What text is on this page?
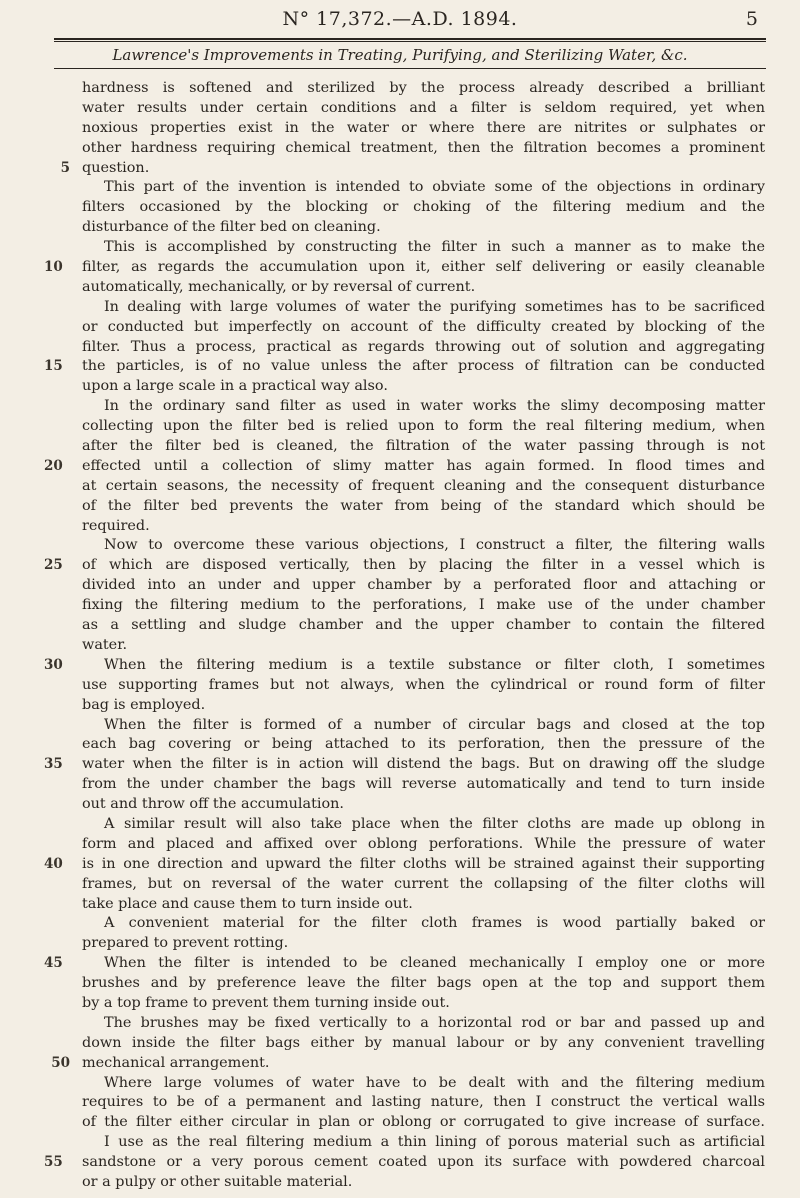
N° 17,372.—A.D. 1894.	5
Lawrence's Improvements in Treating, Purifying, and Sterilizing Water, &c.
hardness is softened and sterilized by the process already described a brilliant
water results under certain conditions and a filter is seldom required, yet when
noxious properties exist in the water or where there are nitrites or sulphates or
other hardness requiring chemical treatment, then the filtration becomes a prominent
question.
5
This part of the invention is intended to obviate some of the objections in ordinary
filters occasioned by the blocking or choking of the filtering medium and the
disturbance of the filter bed on cleaning.
This is accomplished by constructing the filter in such a manner as to make the
filter, as regards the accumulation upon it, either self delivering or easily cleanable
10
automatically, mechanically, or by reversal of current.
In dealing with large volumes of water the purifying sometimes has to be sacrificed
or conducted but imperfectly on account of the difficulty created by blocking of the
filter. Thus a process, practical as regards throwing out of solution and aggregating
the particles, is of no value unless the after process of filtration can be conducted
15
upon a large scale in a practical way also.
In the ordinary sand filter as used in water works the slimy decomposing matter
collecting upon the filter bed is relied upon to form the real filtering medium, when
after the filter bed is cleaned, the filtration of the water passing through is not
effected until a collection of slimy matter has again formed. In flood times and
20
at certain seasons, the necessity of frequent cleaning and the consequent disturbance
of the filter bed prevents the water from being of the standard which should be
required.
Now to overcome these various objections, I construct a filter, the filtering walls
of which are disposed vertically, then by placing the filter in a vessel which is
25
divided into an under and upper chamber by a perforated floor and attaching or
fixing the filtering medium to the perforations, I make use of the under chamber
as a settling and sludge chamber and the upper chamber to contain the filtered
water.
When the filtering medium is a textile substance or filter cloth, I sometimes
30
use supporting frames but not always, when the cylindrical or round form of filter
bag is employed.
When the filter is formed of a number of circular bags and closed at the top
each bag covering or being attached to its perforation, then the pressure of the
water when the filter is in action will distend the bags. But on drawing off the sludge
35
from the under chamber the bags will reverse automatically and tend to turn inside
out and throw off the accumulation.
A similar result will also take place when the filter cloths are made up oblong in
form and placed and affixed over oblong perforations. While the pressure of water
is in one direction and upward the filter cloths will be strained against their supporting
40
frames, but on reversal of the water current the collapsing of the filter cloths will
take place and cause them to turn inside out.
A convenient material for the filter cloth frames is wood partially baked or
prepared to prevent rotting.
When the filter is intended to be cleaned mechanically I employ one or more
45
brushes and by preference leave the filter bags open at the top and support them
by a top frame to prevent them turning inside out.
The brushes may be fixed vertically to a horizontal rod or bar and passed up and
down inside the filter bags either by manual labour or by any convenient travelling
mechanical arrangement.
50
Where large volumes of water have to be dealt with and the filtering medium
requires to be of a permanent and lasting nature, then I construct the vertical walls
of the filter either circular in plan or oblong or corrugated to give increase of surface.
I use as the real filtering medium a thin lining of porous material such as artificial
sandstone or a very porous cement coated upon its surface with powdered charcoal
55
or a pulpy or other suitable material.
